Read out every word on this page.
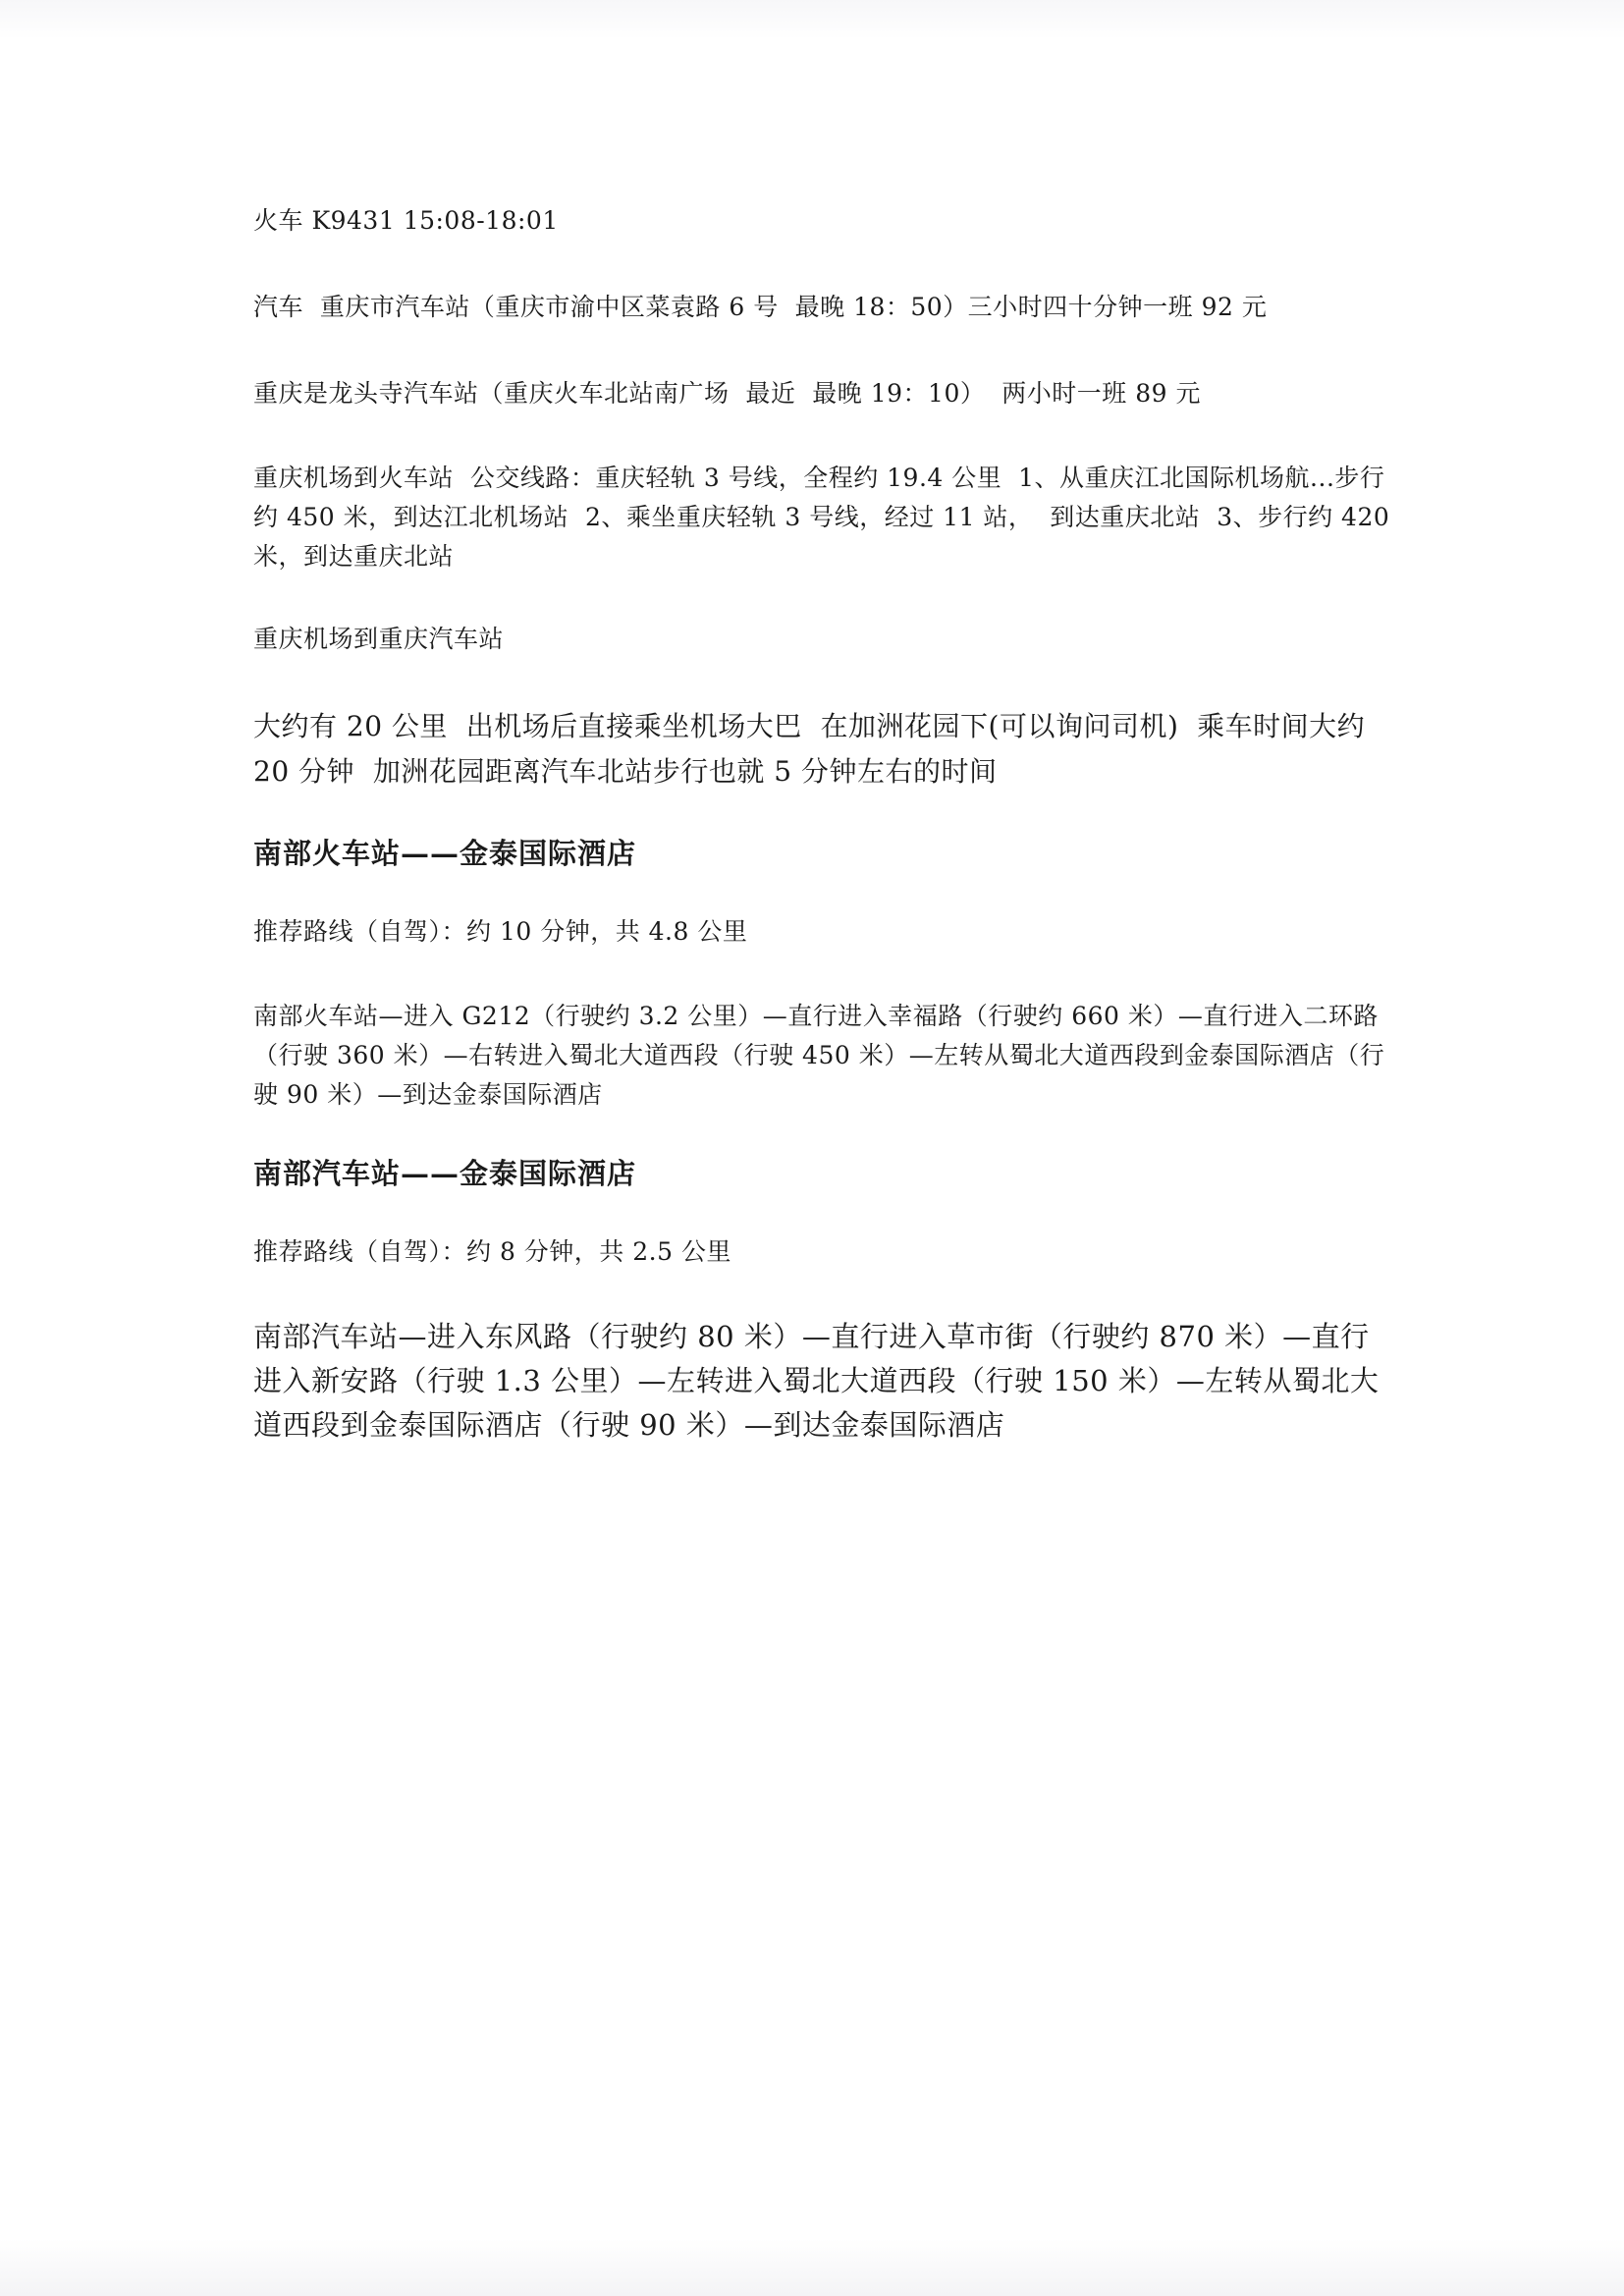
火车 K9431 15:08-18:01

汽车  重庆市汽车站（重庆市渝中区菜袁路 6 号  最晚 18：50）三小时四十分钟一班 92 元

重庆是龙头寺汽车站（重庆火车北站南广场  最近  最晚 19：10）  两小时一班 89 元

重庆机场到火车站  公交线路：重庆轻轨 3 号线，全程约 19.4 公里  1、从重庆江北国际机场航...步行约 450 米，到达江北机场站  2、乘坐重庆轻轨 3 号线，经过 11 站，  到达重庆北站  3、步行约 420 米，到达重庆北站

重庆机场到重庆汽车站

大约有 20 公里  出机场后直接乘坐机场大巴  在加洲花园下(可以询问司机)  乘车时间大约 20 分钟  加洲花园距离汽车北站步行也就 5 分钟左右的时间

南部火车站——金泰国际酒店

推荐路线（自驾）：约 10 分钟，共 4.8 公里

南部火车站—进入 G212（行驶约 3.2 公里）—直行进入幸福路（行驶约 660 米）—直行进入二环路（行驶 360 米）—右转进入蜀北大道西段（行驶 450 米）—左转从蜀北大道西段到金泰国际酒店（行驶 90 米）—到达金泰国际酒店

南部汽车站——金泰国际酒店

推荐路线（自驾）：约 8 分钟，共 2.5 公里

南部汽车站—进入东风路（行驶约 80 米）—直行进入草市街（行驶约 870 米）—直行进入新安路（行驶 1.3 公里）—左转进入蜀北大道西段（行驶 150 米）—左转从蜀北大道西段到金泰国际酒店（行驶 90 米）—到达金泰国际酒店
